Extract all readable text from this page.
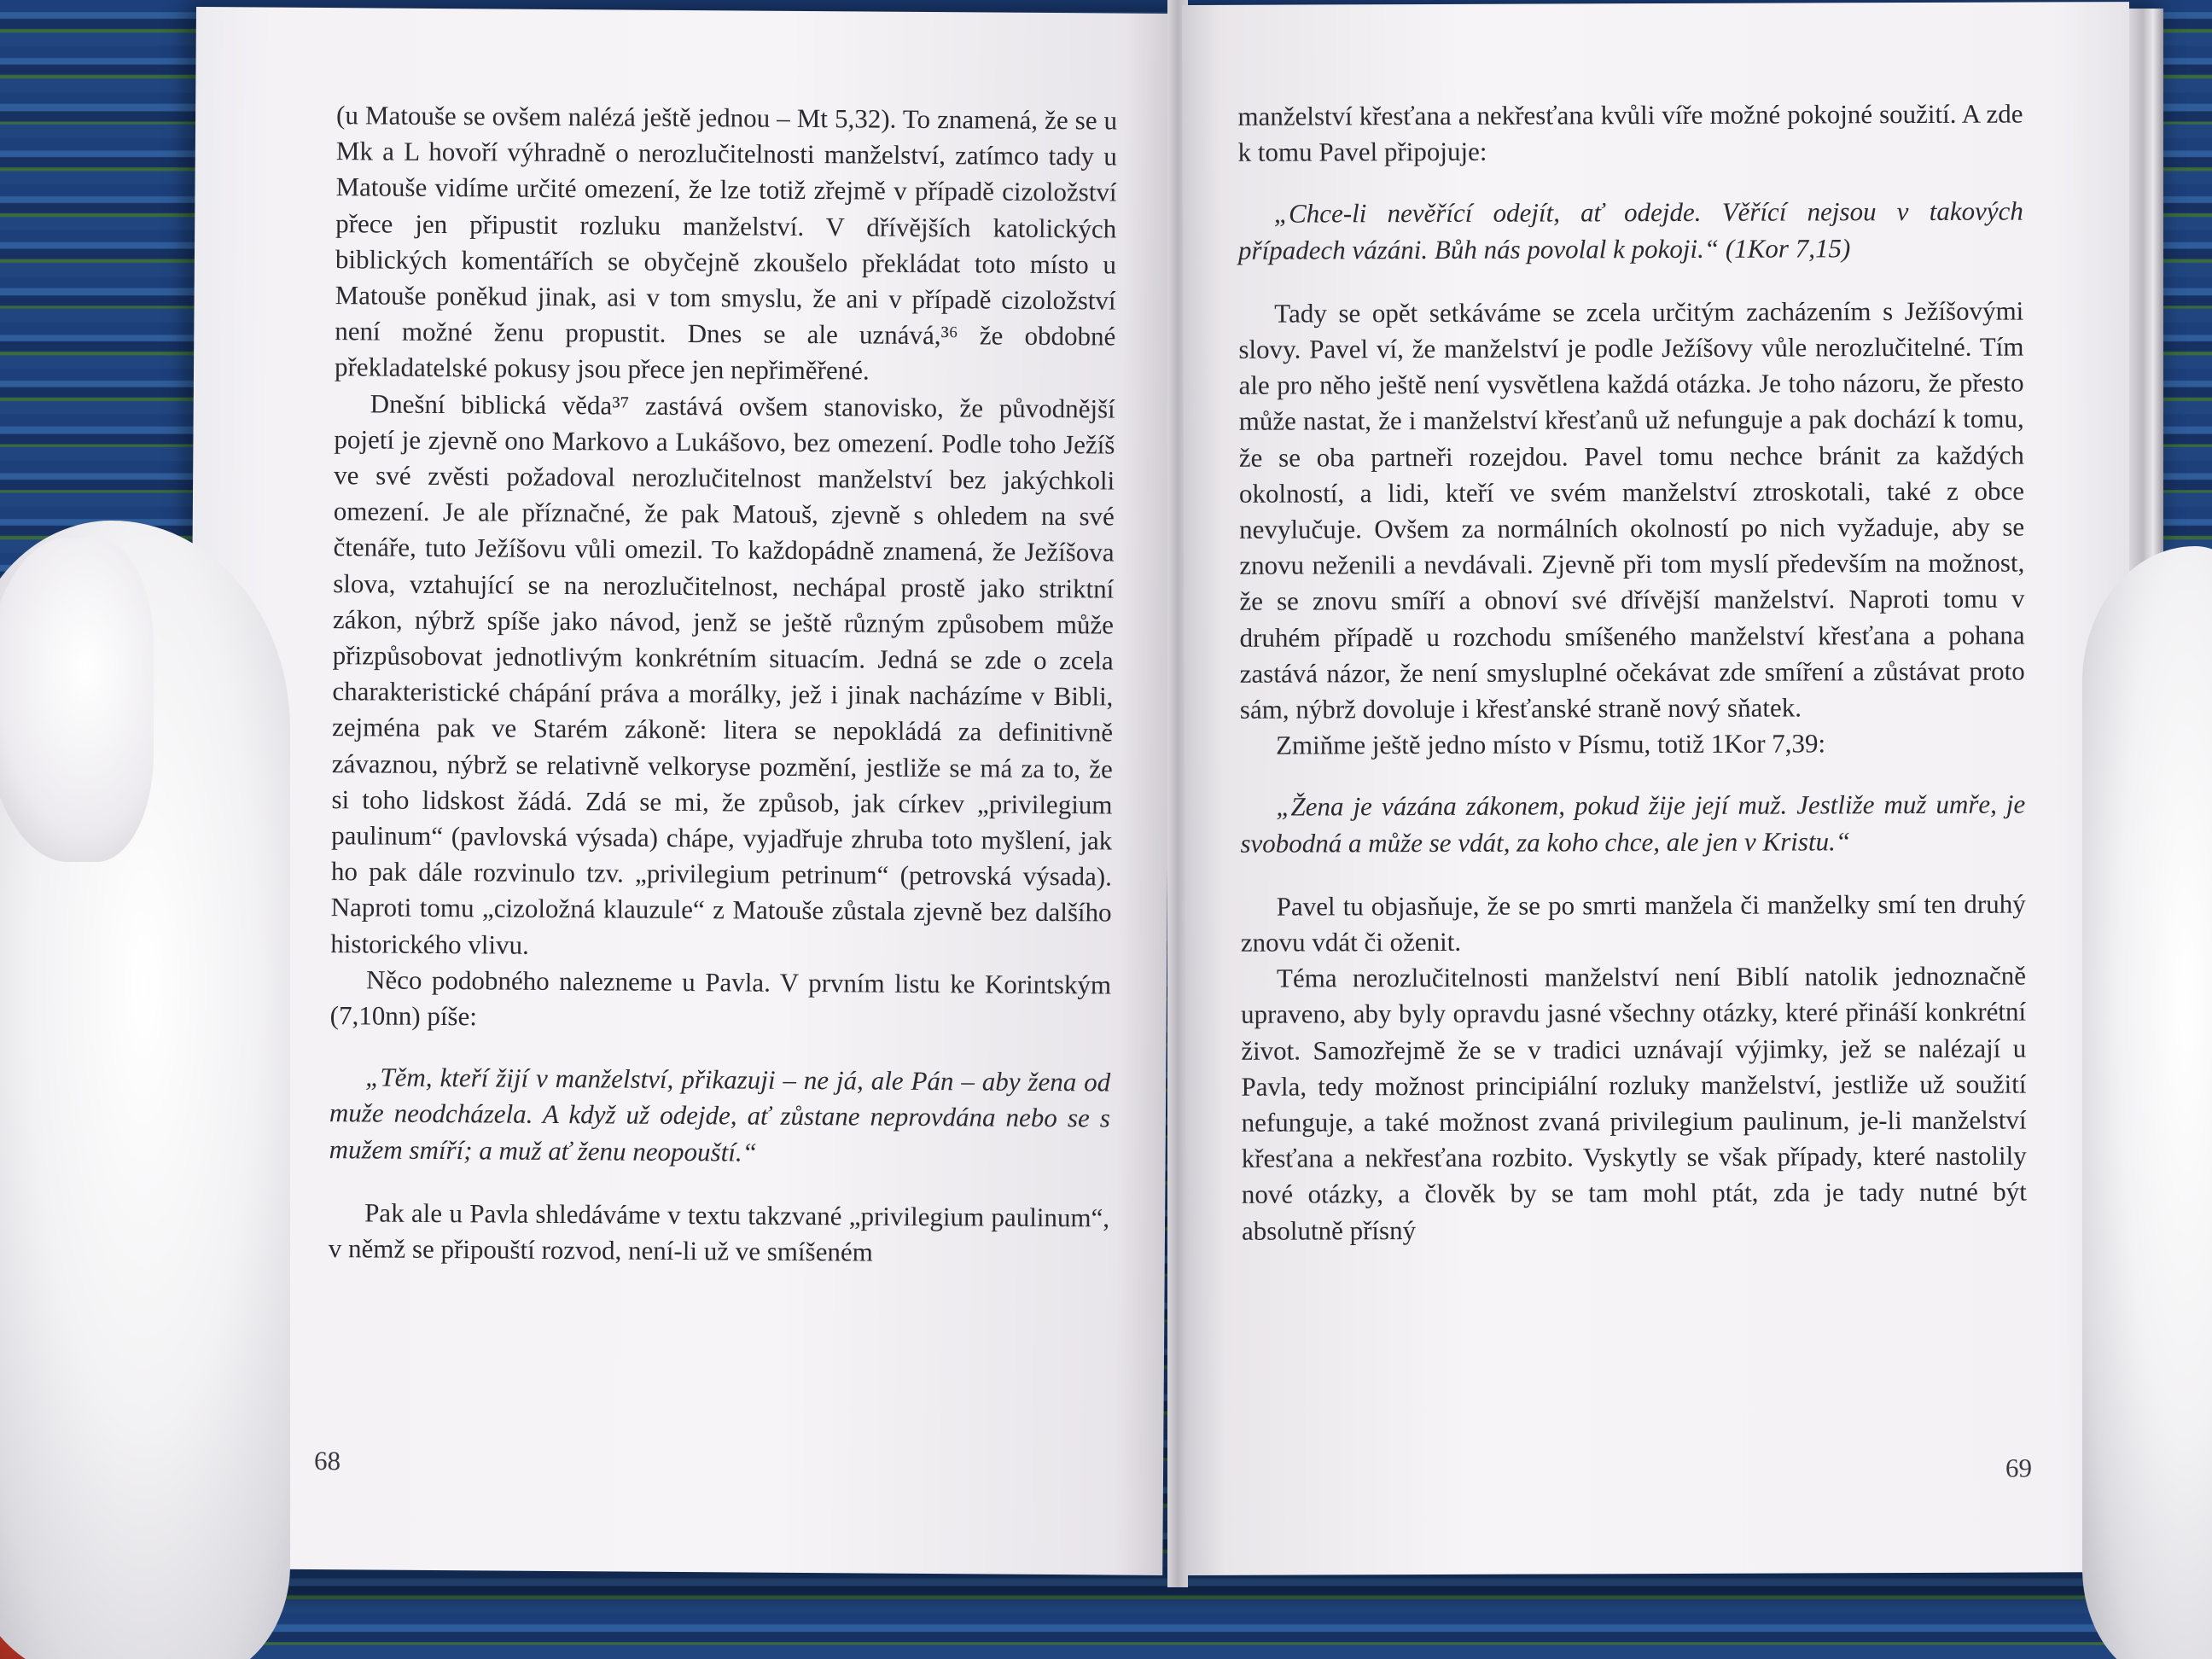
(u Matouše se ovšem nalézá ještě jednou – Mt 5,32). To znamená, že se u Mk a L hovoří výhradně o nerozlučitelnosti manželství, zatímco tady u Matouše vidíme určité omezení, že lze totiž zřejmě v případě cizoložství přece jen připustit rozluku manželství. V dřívějších katolických biblických komentářích se obyčejně zkoušelo překládat toto místo u Matouše poněkud jinak, asi v tom smyslu, že ani v případě cizoložství není možné ženu propustit. Dnes se ale uznává,³⁶ že obdobné překladatelské pokusy jsou přece jen nepřiměřené.

Dnešní biblická věda³⁷ zastává ovšem stanovisko, že původnější pojetí je zjevně ono Markovo a Lukášovo, bez omezení. Podle toho Ježíš ve své zvěsti požadoval nerozlučitelnost manželství bez jakýchkoli omezení. Je ale příznačné, že pak Matouš, zjevně s ohledem na své čtenáře, tuto Ježíšovu vůli omezil. To každopádně znamená, že Ježíšova slova, vztahující se na nerozlučitelnost, nechápal prostě jako striktní zákon, nýbrž spíše jako návod, jenž se ještě různým způsobem může přizpůsobovat jednotlivým konkrétním situacím. Jedná se zde o zcela charakteristické chápání práva a morálky, jež i jinak nacházíme v Bibli, zejména pak ve Starém zákoně: litera se nepokládá za definitivně závaznou, nýbrž se relativně velkoryse pozmění, jestliže se má za to, že si toho lidskost žádá. Zdá se mi, že způsob, jak církev „privilegium paulinum“ (pavlovská výsada) chápe, vyjadřuje zhruba toto myšlení, jak ho pak dále rozvinulo tzv. „privilegium petrinum“ (petrovská výsada). Naproti tomu „cizoložná klauzule“ z Matouše zůstala zjevně bez dalšího historického vlivu.

Něco podobného nalezneme u Pavla. V prvním listu ke Korintským (7,10nn) píše:

„Těm, kteří žijí v manželství, přikazuji – ne já, ale Pán – aby žena od muže neodcházela. A když už odejde, ať zůstane neprovdána nebo se s mužem smíří; a muž ať ženu neopouští.“

Pak ale u Pavla shledáváme v textu takzvané „privilegium paulinum“, v němž se připouští rozvod, není-li už ve smíšeném

68

manželství křesťana a nekřesťana kvůli víře možné pokojné soužití. A zde k tomu Pavel připojuje:

„Chce-li nevěřící odejít, ať odejde. Věřící nejsou v takových případech vázáni. Bůh nás povolal k pokoji.“ (1Kor 7,15)

Tady se opět setkáváme se zcela určitým zacházením s Ježíšovými slovy. Pavel ví, že manželství je podle Ježíšovy vůle nerozlučitelné. Tím ale pro něho ještě není vysvětlena každá otázka. Je toho názoru, že přesto může nastat, že i manželství křesťanů už nefunguje a pak dochází k tomu, že se oba partneři rozejdou. Pavel tomu nechce bránit za každých okolností, a lidi, kteří ve svém manželství ztroskotali, také z obce nevylučuje. Ovšem za normálních okolností po nich vyžaduje, aby se znovu neženili a nevdávali. Zjevně při tom myslí především na možnost, že se znovu smíří a obnoví své dřívější manželství. Naproti tomu v druhém případě u rozchodu smíšeného manželství křesťana a pohana zastává názor, že není smysluplné očekávat zde smíření a zůstávat proto sám, nýbrž dovoluje i křesťanské straně nový sňatek.

Zmiňme ještě jedno místo v Písmu, totiž 1Kor 7,39:

„Žena je vázána zákonem, pokud žije její muž. Jestliže muž umře, je svobodná a může se vdát, za koho chce, ale jen v Kristu.“

Pavel tu objasňuje, že se po smrti manžela či manželky smí ten druhý znovu vdát či oženit.

Téma nerozlučitelnosti manželství není Biblí natolik jednoznačně upraveno, aby byly opravdu jasné všechny otázky, které přináší konkrétní život. Samozřejmě že se v tradici uznávají výjimky, jež se nalézají u Pavla, tedy možnost principiální rozluky manželství, jestliže už soužití nefunguje, a také možnost zvaná privilegium paulinum, je-li manželství křesťana a nekřesťana rozbito. Vyskytly se však případy, které nastolily nové otázky, a člověk by se tam mohl ptát, zda je tady nutné být absolutně přísný

69
